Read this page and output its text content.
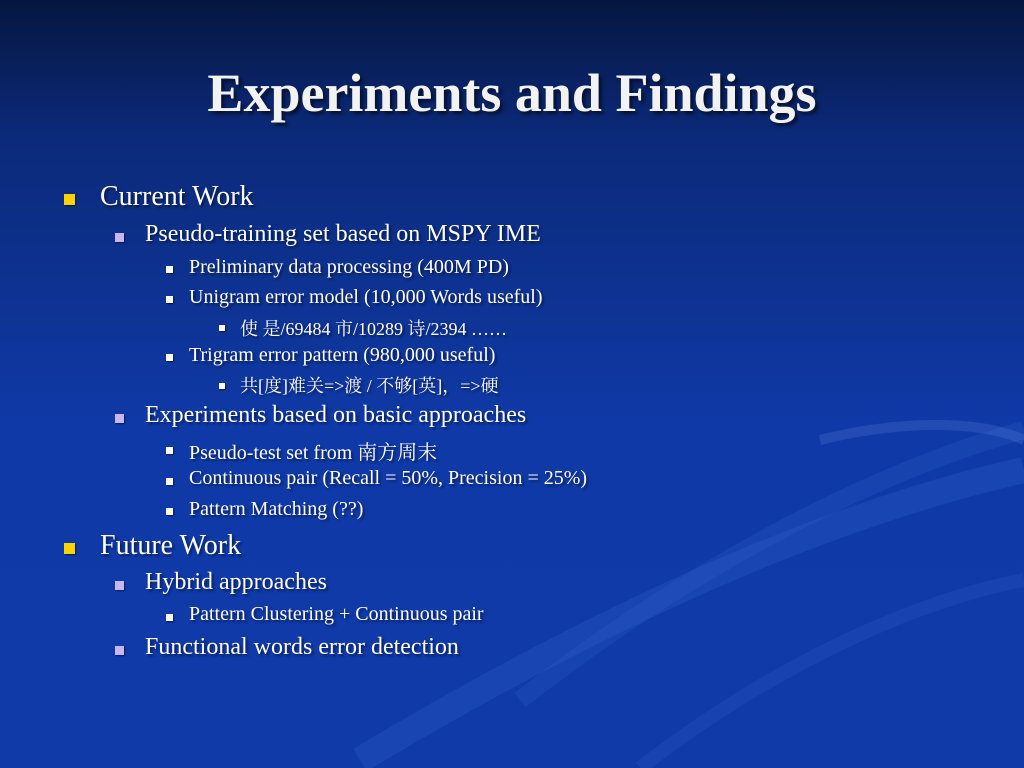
Experiments and Findings
Current Work
Pseudo-training set based on MSPY IME
Preliminary data processing (400M PD)
Unigram error model (10,000 Words useful)
使 是/69484 市/10289 诗/2394 ……
Trigram error pattern (980,000 useful)
共[度]难关=>渡 / 不够[英]，=>硬
Experiments based on basic approaches
Pseudo-test set from 南方周末
Continuous pair (Recall = 50%, Precision = 25%)
Pattern Matching (??)
Future Work
Hybrid approaches
Pattern Clustering + Continuous pair
Functional words error detection
